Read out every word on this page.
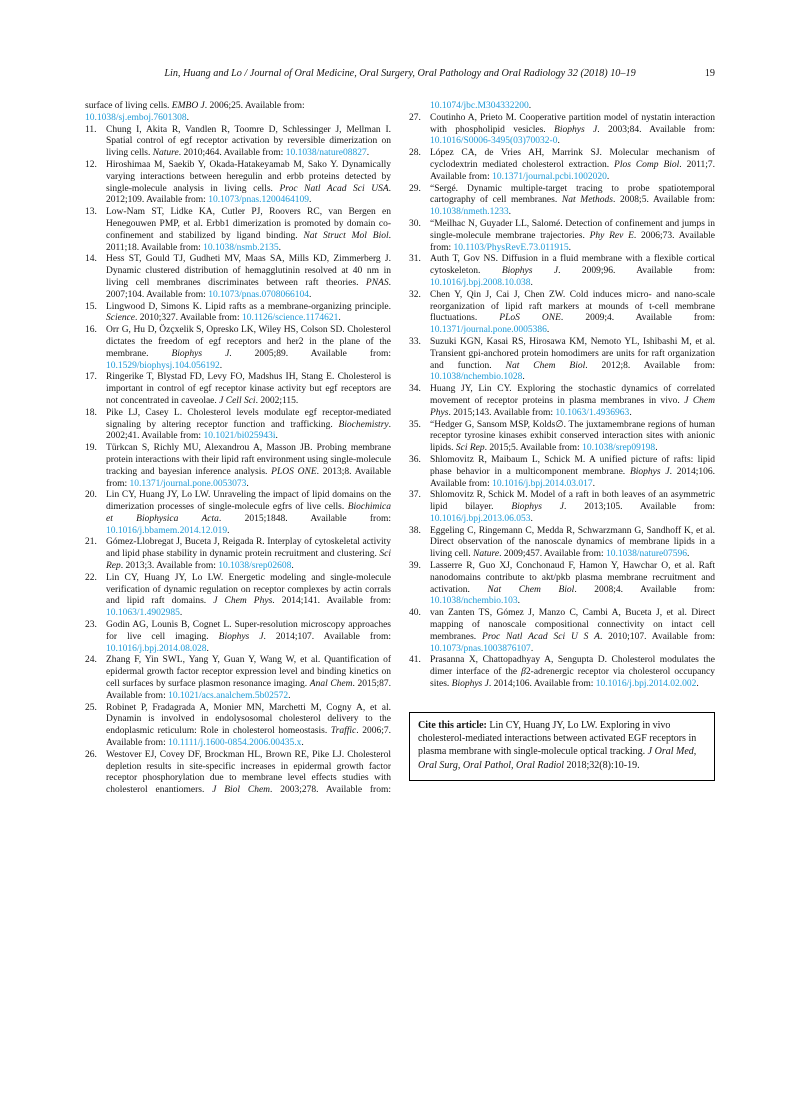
Lin, Huang and Lo / Journal of Oral Medicine, Oral Surgery, Oral Pathology and Oral Radiology 32 (2018) 10–19	19
surface of living cells. EMBO J. 2006;25. Available from: 10.1038/sj.emboj.7601308.
11. Chung I, Akita R, Vandlen R, Toomre D, Schlessinger J, Mellman I. Spatial control of egf receptor activation by reversible dimerization on living cells. Nature. 2010;464. Available from: 10.1038/nature08827.
12. Hiroshimaa M, Saekib Y, Okada-Hatakeyamab M, Sako Y. Dynamically varying interactions between heregulin and erbb proteins detected by single-molecule analysis in living cells. Proc Natl Acad Sci USA. 2012;109. Available from: 10.1073/pnas.1200464109.
13. Low-Nam ST, Lidke KA, Cutler PJ, Roovers RC, van Bergen en Henegouwen PMP, et al. Erbb1 dimerization is promoted by domain co-confinement and stabilized by ligand binding. Nat Struct Mol Biol. 2011;18. Available from: 10.1038/nsmb.2135.
14. Hess ST, Gould TJ, Gudheti MV, Maas SA, Mills KD, Zimmerberg J. Dynamic clustered distribution of hemagglutinin resolved at 40 nm in living cell membranes discriminates between raft theories. PNAS. 2007;104. Available from: 10.1073/pnas.0708066104.
15. Lingwood D, Simons K. Lipid rafts as a membrane-organizing principle. Science. 2010;327. Available from: 10.1126/science.1174621.
16. Orr G, Hu D, Özçxelik S, Opresko LK, Wiley HS, Colson SD. Cholesterol dictates the freedom of egf receptors and her2 in the plane of the membrane. Biophys J. 2005;89. Available from: 10.1529/biophysj.104.056192.
17. Ringerike T, Blystad FD, Levy FO, Madshus IH, Stang E. Cholesterol is important in control of egf receptor kinase activity but egf receptors are not concentrated in caveolae. J Cell Sci. 2002;115.
18. Pike LJ, Casey L. Cholesterol levels modulate egf receptor-mediated signaling by altering receptor function and trafficking. Biochemistry. 2002;41. Available from: 10.1021/bi025943i.
19. Türkcan S, Richly MU, Alexandrou A, Masson JB. Probing membrane protein interactions with their lipid raft environment using single-molecule tracking and bayesian inference analysis. PLOS ONE. 2013;8. Available from: 10.1371/journal.pone.0053073.
20. Lin CY, Huang JY, Lo LW. Unraveling the impact of lipid domains on the dimerization processes of single-molecule egfrs of live cells. Biochimica et Biophysica Acta. 2015;1848. Available from: 10.1016/j.bbamem.2014.12.019.
21. Gómez-Llobregat J, Buceta J, Reigada R. Interplay of cytoskeletal activity and lipid phase stability in dynamic protein recruitment and clustering. Sci Rep. 2013;3. Available from: 10.1038/srep02608.
22. Lin CY, Huang JY, Lo LW. Energetic modeling and single-molecule verification of dynamic regulation on receptor complexes by actin corrals and lipid raft domains. J Chem Phys. 2014;141. Available from: 10.1063/1.4902985.
23. Godin AG, Lounis B, Cognet L. Super-resolution microscopy approaches for live cell imaging. Biophys J. 2014;107. Available from: 10.1016/j.bpj.2014.08.028.
24. Zhang F, Yin SWL, Yang Y, Guan Y, Wang W, et al. Quantification of epidermal growth factor receptor expression level and binding kinetics on cell surfaces by surface plasmon resonance imaging. Anal Chem. 2015;87. Available from: 10.1021/acs.analchem.5b02572.
25. Robinet P, Fradagrada A, Monier MN, Marchetti M, Cogny A, et al. Dynamin is involved in endolysosomal cholesterol delivery to the endoplasmic reticulum: Role in cholesterol homeostasis. Traffic. 2006;7. Available from: 10.1111/j.1600-0854.2006.00435.x.
26. Westover EJ, Covey DF, Brockman HL, Brown RE, Pike LJ. Cholesterol depletion results in site-specific increases in epidermal growth factor receptor phosphorylation due to membrane level effects studies with cholesterol enantiomers. J Biol Chem. 2003;278. Available from:
10.1074/jbc.M304332200.
27. Coutinho A, Prieto M. Cooperative partition model of nystatin interaction with phospholipid vesicles. Biophys J. 2003;84. Available from: 10.1016/S0006-3495(03)70032-0.
28. López CA, de Vries AH, Marrink SJ. Molecular mechanism of cyclodextrin mediated cholesterol extraction. Plos Comp Biol. 2011;7. Available from: 10.1371/journal.pcbi.1002020.
29. “Sergé. Dynamic multiple-target tracing to probe spatiotemporal cartography of cell membranes. Nat Methods. 2008;5. Available from: 10.1038/nmeth.1233.
30. “Meilhac N, Guyader LL, Salomé. Detection of confinement and jumps in single-molecule membrane trajectories. Phy Rev E. 2006;73. Available from: 10.1103/PhysRevE.73.011915.
31. Auth T, Gov NS. Diffusion in a fluid membrane with a flexible cortical cytoskeleton. Biophys J. 2009;96. Available from: 10.1016/j.bpj.2008.10.038.
32. Chen Y, Qin J, Cai J, Chen ZW. Cold induces micro- and nano-scale reorganization of lipid raft markers at mounds of t-cell membrane fluctuations. PLoS ONE. 2009;4. Available from: 10.1371/journal.pone.0005386.
33. Suzuki KGN, Kasai RS, Hirosawa KM, Nemoto YL, Ishibashi M, et al. Transient gpi-anchored protein homodimers are units for raft organization and function. Nat Chem Biol. 2012;8. Available from: 10.1038/nchembio.1028.
34. Huang JY, Lin CY. Exploring the stochastic dynamics of correlated movement of receptor proteins in plasma membranes in vivo. J Chem Phys. 2015;143. Available from: 10.1063/1.4936963.
35. “Hedger G, Sansom MSP, Kolds∅. The juxtamembrane regions of human receptor tyrosine kinases exhibit conserved interaction sites with anionic lipids. Sci Rep. 2015;5. Available from: 10.1038/srep09198.
36. Shlomovitz R, Maibaum L, Schick M. A unified picture of rafts: lipid phase behavior in a multicomponent membrane. Biophys J. 2014;106. Available from: 10.1016/j.bpj.2014.03.017.
37. Shlomovitz R, Schick M. Model of a raft in both leaves of an asymmetric lipid bilayer. Biophys J. 2013;105. Available from: 10.1016/j.bpj.2013.06.053.
38. Eggeling C, Ringemann C, Medda R, Schwarzmann G, Sandhoff K, et al. Direct observation of the nanoscale dynamics of membrane lipids in a living cell. Nature. 2009;457. Available from: 10.1038/nature07596.
39. Lasserre R, Guo XJ, Conchonaud F, Hamon Y, Hawchar O, et al. Raft nanodomains contribute to akt/pkb plasma membrane recruitment and activation. Nat Chem Biol. 2008;4. Available from: 10.1038/nchembio.103.
40. van Zanten TS, Gómez J, Manzo C, Cambi A, Buceta J, et al. Direct mapping of nanoscale compositional connectivity on intact cell membranes. Proc Natl Acad Sci U S A. 2010;107. Available from: 10.1073/pnas.1003876107.
41. Prasanna X, Chattopadhyay A, Sengupta D. Cholesterol modulates the dimer interface of the β2-adrenergic receptor via cholesterol occupancy sites. Biophys J. 2014;106. Available from: 10.1016/j.bpj.2014.02.002.
Cite this article: Lin CY, Huang JY, Lo LW. Exploring in vivo cholesterol-mediated interactions between activated EGF receptors in plasma membrane with single-molecule optical tracking. J Oral Med, Oral Surg, Oral Pathol, Oral Radiol 2018;32(8):10-19.
